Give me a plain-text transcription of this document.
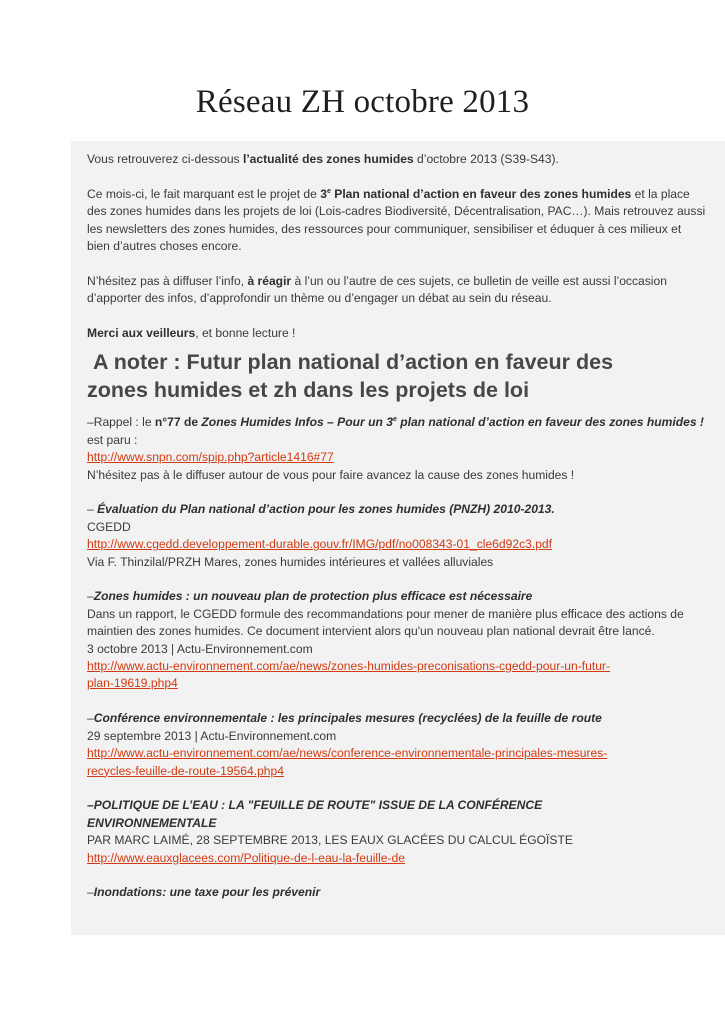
Réseau ZH octobre 2013

Vous retrouverez ci-dessous l’actualité des zones humides d’octobre 2013 (S39-S43).

Ce mois-ci, le fait marquant est le projet de 3e Plan national d’action en faveur des zones humides et la place des zones humides dans les projets de loi (Lois-cadres Biodiversité, Décentralisation, PAC…). Mais retrouvez aussi les newsletters des zones humides, des ressources pour communiquer, sensibiliser et éduquer à ces milieux et bien d’autres choses encore.

N’hésitez pas à diffuser l’info, à réagir à l’un ou l’autre de ces sujets, ce bulletin de veille est aussi l’occasion d’apporter des infos, d’approfondir un thème ou d’engager un débat au sein du réseau.

Merci aux veilleurs, et bonne lecture !

A noter : Futur plan national d’action en faveur des
zones humides et zh dans les projets de loi

–Rappel : le n°77 de Zones Humides Infos – Pour un 3e plan national d’action en faveur des zones humides ! est paru :

http://www.snpn.com/spip.php?article1416#77

N’hésitez pas à le diffuser autour de vous pour faire avancez la cause des zones humides !

– Évaluation du Plan national d’action pour les zones humides (PNZH) 2010-2013.

CGEDD

http://www.cgedd.developpement-durable.gouv.fr/IMG/pdf/no008343-01_cle6d92c3.pdf

Via F. Thinzilal/PRZH Mares, zones humides intérieures et vallées alluviales

–Zones humides : un nouveau plan de protection plus efficace est nécessaire

Dans un rapport, le CGEDD formule des recommandations pour mener de manière plus efficace des actions de maintien des zones humides. Ce document intervient alors qu'un nouveau plan national devrait être lancé.

3 octobre 2013 | Actu-Environnement.com

http://www.actu-environnement.com/ae/news/zones-humides-preconisations-cgedd-pour-un-futur-
plan-19619.php4

–Conférence environnementale : les principales mesures (recyclées) de la feuille de route

29 septembre 2013 | Actu-Environnement.com

http://www.actu-environnement.com/ae/news/conference-environnementale-principales-mesures-
recycles-feuille-de-route-19564.php4

–POLITIQUE DE L’EAU : LA "FEUILLE DE ROUTE" ISSUE DE LA CONFÉRENCE
ENVIRONNEMENTALE

PAR MARC LAIMÉ, 28 SEPTEMBRE 2013, LES EAUX GLACÉES DU CALCUL ÉGOÏSTE

http://www.eauxglacees.com/Politique-de-l-eau-la-feuille-de

–Inondations: une taxe pour les prévenir
